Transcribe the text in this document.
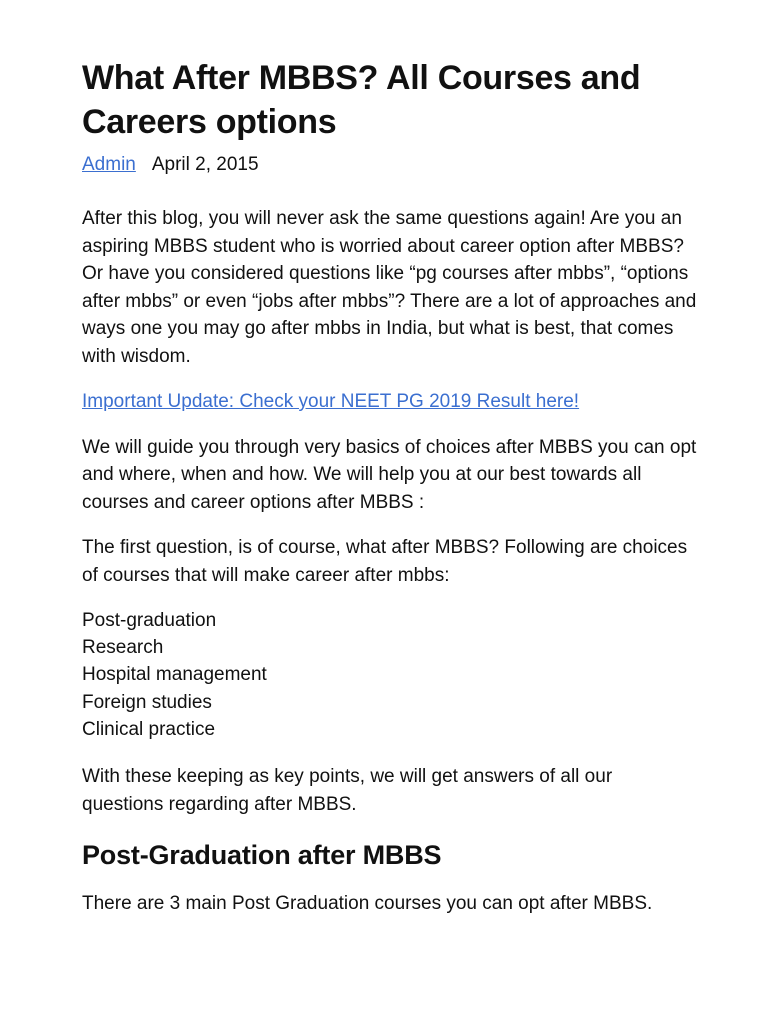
What After MBBS? All Courses and Careers options
Admin April 2, 2015

After this blog, you will never ask the same questions again! Are you an aspiring MBBS student who is worried about career option after MBBS? Or have you considered questions like “pg courses after mbbs”, “options after mbbs” or even “jobs after mbbs”? There are a lot of approaches and ways one you may go after mbbs in India, but what is best, that comes with wisdom.

Important Update: Check your NEET PG 2019 Result here!

We will guide you through very basics of choices after MBBS you can opt and where, when and how. We will help you at our best towards all courses and career options after MBBS :

The first question, is of course, what after MBBS? Following are choices of courses that will make career after mbbs:

Post-graduation
Research
Hospital management
Foreign studies
Clinical practice

With these keeping as key points, we will get answers of all our questions regarding after MBBS.

Post-Graduation after MBBS

There are 3 main Post Graduation courses you can opt after MBBS.
